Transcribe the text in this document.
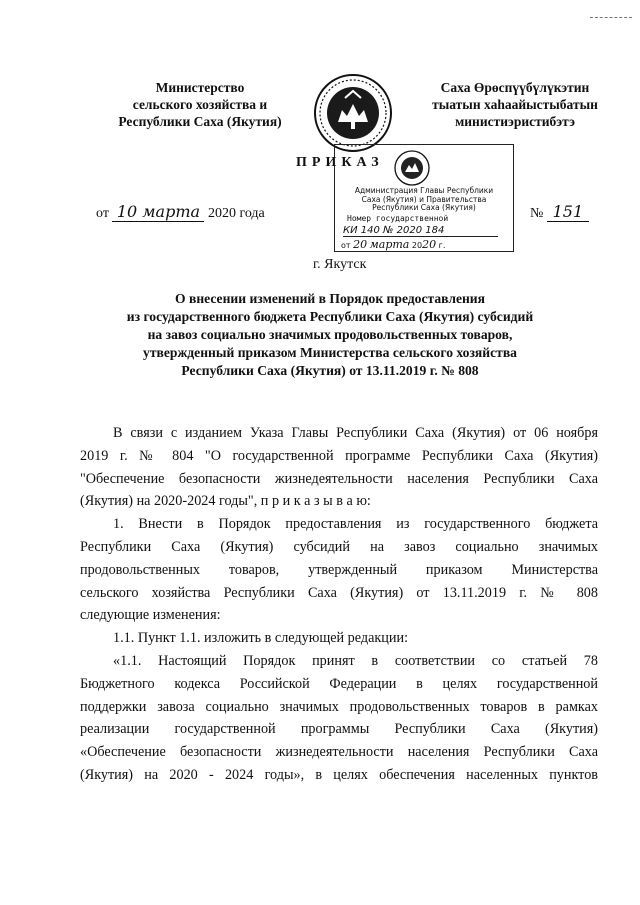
Министерство
сельского хозяйства и
Республики Саха (Якутия)
Саха Өрөспүүбүлүкэтин
тыатын хаһаайыстыбатын
министиэристибэтэ
ПРИКАЗ
Администрация Главы Республики
Саха (Якутия) и Правительства
Республики Саха (Якутия)
Номер государственной
КИ 140 № 2020 184
от 20 марта 2020 г.
от 10 марта 2020 года	№ 151
г. Якутск
О внесении изменений в Порядок предоставления
из государственного бюджета Республики Саха (Якутия) субсидий
на завоз социально значимых продовольственных товаров,
утвержденный приказом Министерства сельского хозяйства
Республики Саха (Якутия) от 13.11.2019 г. № 808
В связи с изданием Указа Главы Республики Саха (Якутия) от 06 ноября
2019 г. № 804 "О государственной программе Республики Саха (Якутия)
"Обеспечение безопасности жизнедеятельности населения Республики Саха
(Якутия) на 2020-2024 годы", п р и к а з ы в а ю:
1. Внести в Порядок предоставления из государственного бюджета
Республики Саха (Якутия) субсидий на завоз социально значимых
продовольственных товаров, утвержденный приказом Министерства
сельского хозяйства Республики Саха (Якутия) от 13.11.2019 г. № 808
следующие изменения:
1.1. Пункт 1.1. изложить в следующей редакции:
«1.1. Настоящий Порядок принят в соответствии со статьей 78
Бюджетного кодекса Российской Федерации в целях государственной
поддержки завоза социально значимых продовольственных товаров в рамках
реализации государственной программы Республики Саха (Якутия)
«Обеспечение безопасности жизнедеятельности населения Республики Саха
(Якутия) на 2020 - 2024 годы», в целях обеспечения населенных пунктов
